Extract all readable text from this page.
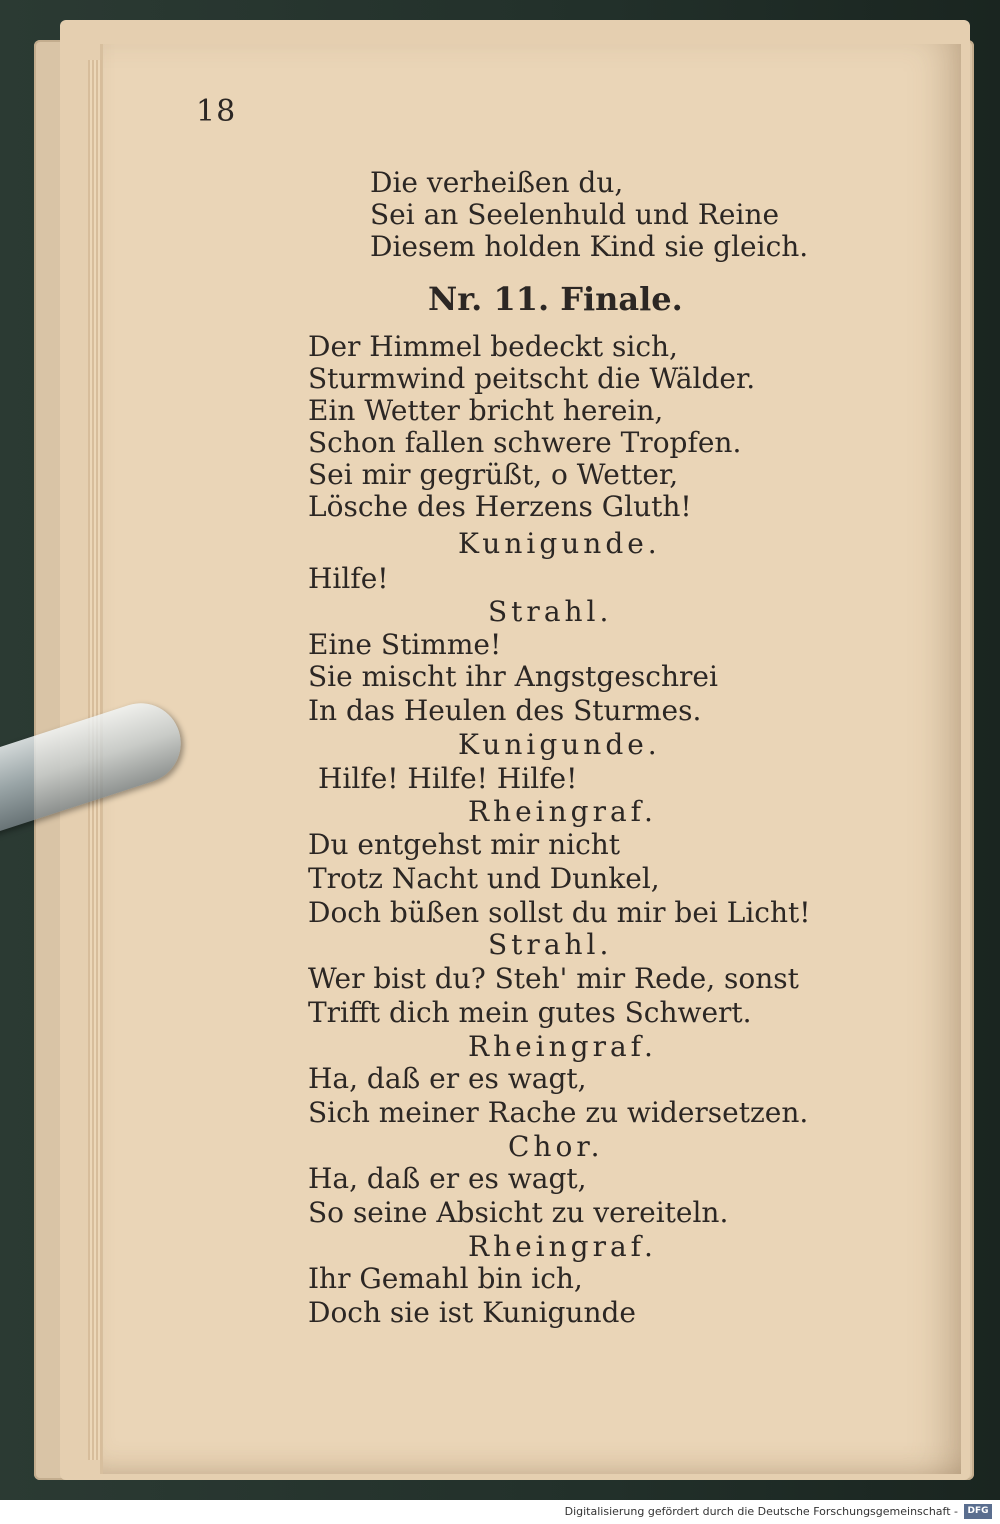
18
Die verheißen du,
Sei an Seelenhuld und Reine
Diesem holden Kind sie gleich.
Nr. 11. Finale.
Der Himmel bedeckt sich,
Sturmwind peitscht die Wälder.
Ein Wetter bricht herein,
Schon fallen schwere Tropfen.
Sei mir gegrüßt, o Wetter,
Lösche des Herzens Gluth!
Kunigunde.
Hilfe!
Strahl.
Eine Stimme!
Sie mischt ihr Angstgeschrei
In das Heulen des Sturmes.
Kunigunde.
Hilfe! Hilfe! Hilfe!
Rheingraf.
Du entgehst mir nicht
Trotz Nacht und Dunkel,
Doch büßen sollst du mir bei Licht!
Strahl.
Wer bist du? Steh' mir Rede, sonst
Trifft dich mein gutes Schwert.
Rheingraf.
Ha, daß er es wagt,
Sich meiner Rache zu widersetzen.
Chor.
Ha, daß er es wagt,
So seine Absicht zu vereiteln.
Rheingraf.
Ihr Gemahl bin ich,
Doch sie ist Kunigunde
Digitalisierung gefördert durch die Deutsche Forschungsgemeinschaft -	DFG
